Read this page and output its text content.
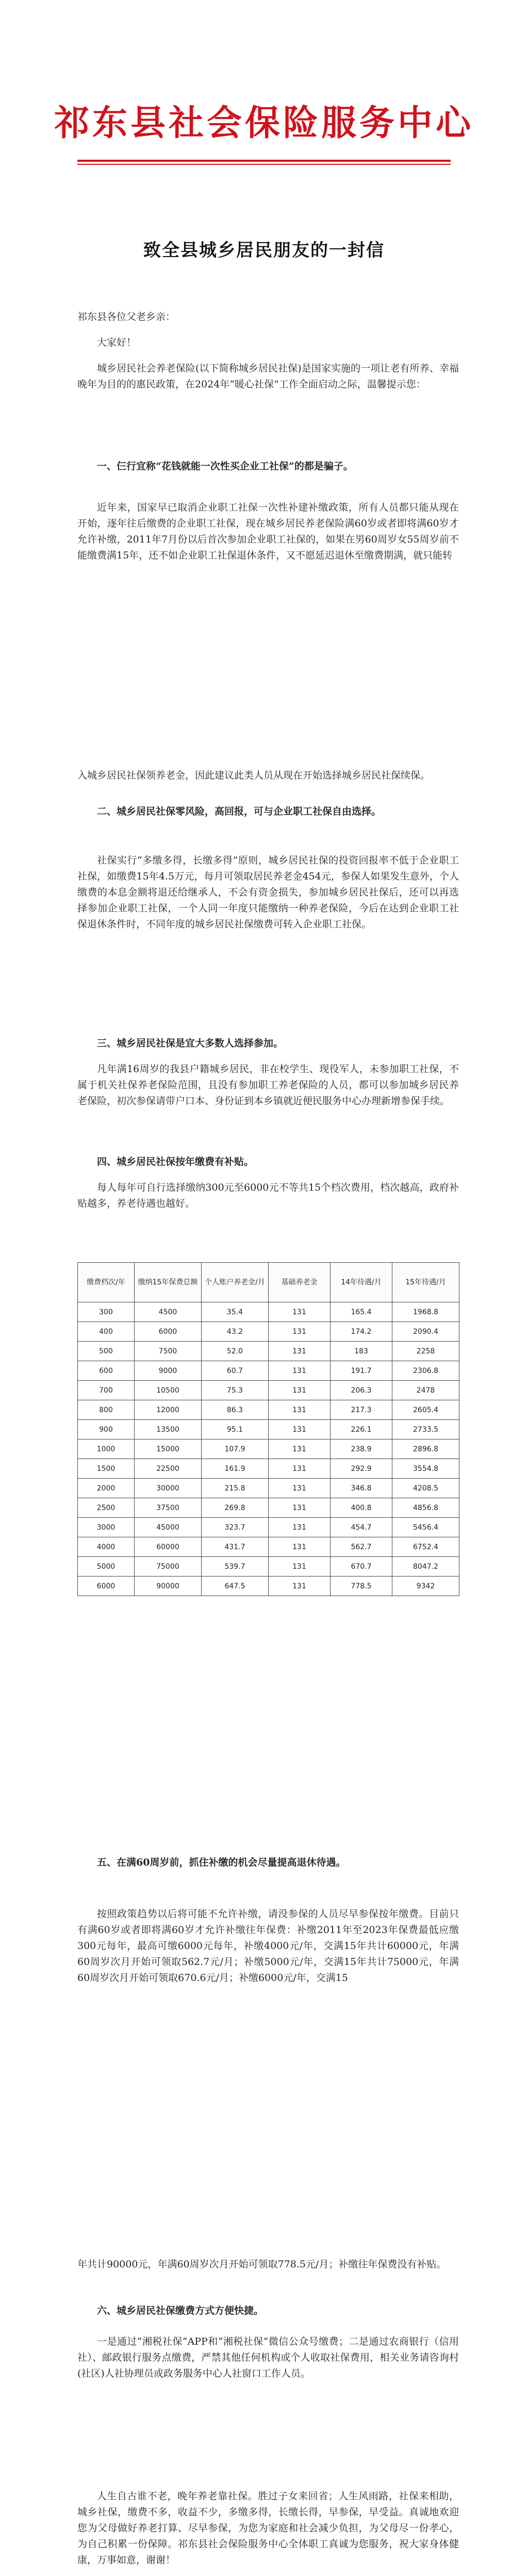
祁东县社会保险服务中心
致全县城乡居民朋友的一封信
祁东县各位父老乡亲：
大家好！
城乡居民社会养老保险(以下简称城乡居民社保)是国家实施的一项让老有所养、幸福晚年为目的的惠民政策，在2024年“暖心社保”工作全面启动之际，温馨提示您：
一、仨行宜称“花钱就能一次性买企业工社保”的都是骗子。
近年来，国家早已取消企业职工社保一次性补建补缴政策，所有人员都只能从现在开始，逐年往后缴费的企业职工社保，现在城乡居民养老保险满60岁或者即将满60岁才允许补缴，2011年7月份以后首次参加企业职工社保的，如果在男60周岁女55周岁前不能缴费满15年，还不如企业职工社保退休条件，又不愿延迟退休至缴费期满，就只能转
入城乡居民社保领养老金，因此建议此类人员从现在开始选择城乡居民社保续保。
二、城乡居民社保零风险，高回报，可与企业职工社保自由选择。
社保实行“多缴多得，长缴多得”原则，城乡居民社保的投资回报率不低于企业职工社保，如缴费15年4.5万元，每月可领取居民养老金454元，参保人如果发生意外，个人缴费的本息金额将退还给继承人，不会有资金损失，参加城乡居民社保后，还可以再选择参加企业职工社保，一个人同一年度只能缴纳一种养老保险，今后在达到企业职工社保退休条件时，不同年度的城乡居民社保缴费可转入企业职工社保。
三、城乡居民社保是宜大多数人选择参加。
凡年满16周岁的我县户籍城乡居民，非在校学生、现役军人，未参加职工社保，不属于机关社保养老保险范围，且没有参加职工养老保险的人员，都可以参加城乡居民养老保险，初次参保请带户口本、身份证到本乡镇就近便民服务中心办理新增参保手续。
四、城乡居民社保按年缴费有补贴。
每人每年可自行选择缴纳300元至6000元不等共15个档次费用，档次越高，政府补贴越多，养老待遇也越好。
缴费档次/年	缴纳15年保费总额	个人账户养老金/月	基础养老金	14年待遇/月	15年待遇/月
300	4500	35.4	131	165.4	1968.8
400	6000	43.2	131	174.2	2090.4
500	7500	52.0	131	183	2258
600	9000	60.7	131	191.7	2306.8
700	10500	75.3	131	206.3	2478
800	12000	86.3	131	217.3	2605.4
900	13500	95.1	131	226.1	2733.5
1000	15000	107.9	131	238.9	2896.8
1500	22500	161.9	131	292.9	3554.8
2000	30000	215.8	131	346.8	4208.5
2500	37500	269.8	131	400.8	4856.8
3000	45000	323.7	131	454.7	5456.4
4000	60000	431.7	131	562.7	6752.4
5000	75000	539.7	131	670.7	8047.2
6000	90000	647.5	131	778.5	9342
五、在满60周岁前，抓住补缴的机会尽量提高退休待遇。
按照政策趋势以后将可能不允许补缴，请没参保的人员尽早参保按年缴费。目前只有满60岁或者即将满60岁才允许补缴往年保费：补缴2011年至2023年保费最低应缴300元每年，最高可缴6000元每年，补缴4000元/年，交满15年共计60000元，年满60周岁次月开始可领取562.7元/月；补缴5000元/年，交满15年共计75000元，年满60周岁次月开始可领取670.6元/月；补缴6000元/年，交满15
年共计90000元，年满60周岁次月开始可领取778.5元/月；补缴往年保费没有补贴。
六、城乡居民社保缴费方式方便快捷。
一是通过“湘税社保”APP和“湘税社保”微信公众号缴费；二是通过农商银行（信用社）、邮政银行服务点缴费，严禁其他任何机构或个人收取社保费用，相关业务请咨询村(社区)人社协理员或政务服务中心人社窗口工作人员。
人生自古谁不老，晚年养老靠社保。胜过子女来回省；人生风雨路，社保来相助，城乡社保，缴费不多，收益不少，多缴多得，长缴长得，早参保，早受益。真诚地欢迎您为父母做好养老打算、尽早参保，为您为家庭和社会减少负担，为父母尽一份孝心，为自己积累一份保障。祁东县社会保险服务中心全体职工真诚为您服务，祝大家身体健康，万事如意，谢谢！
